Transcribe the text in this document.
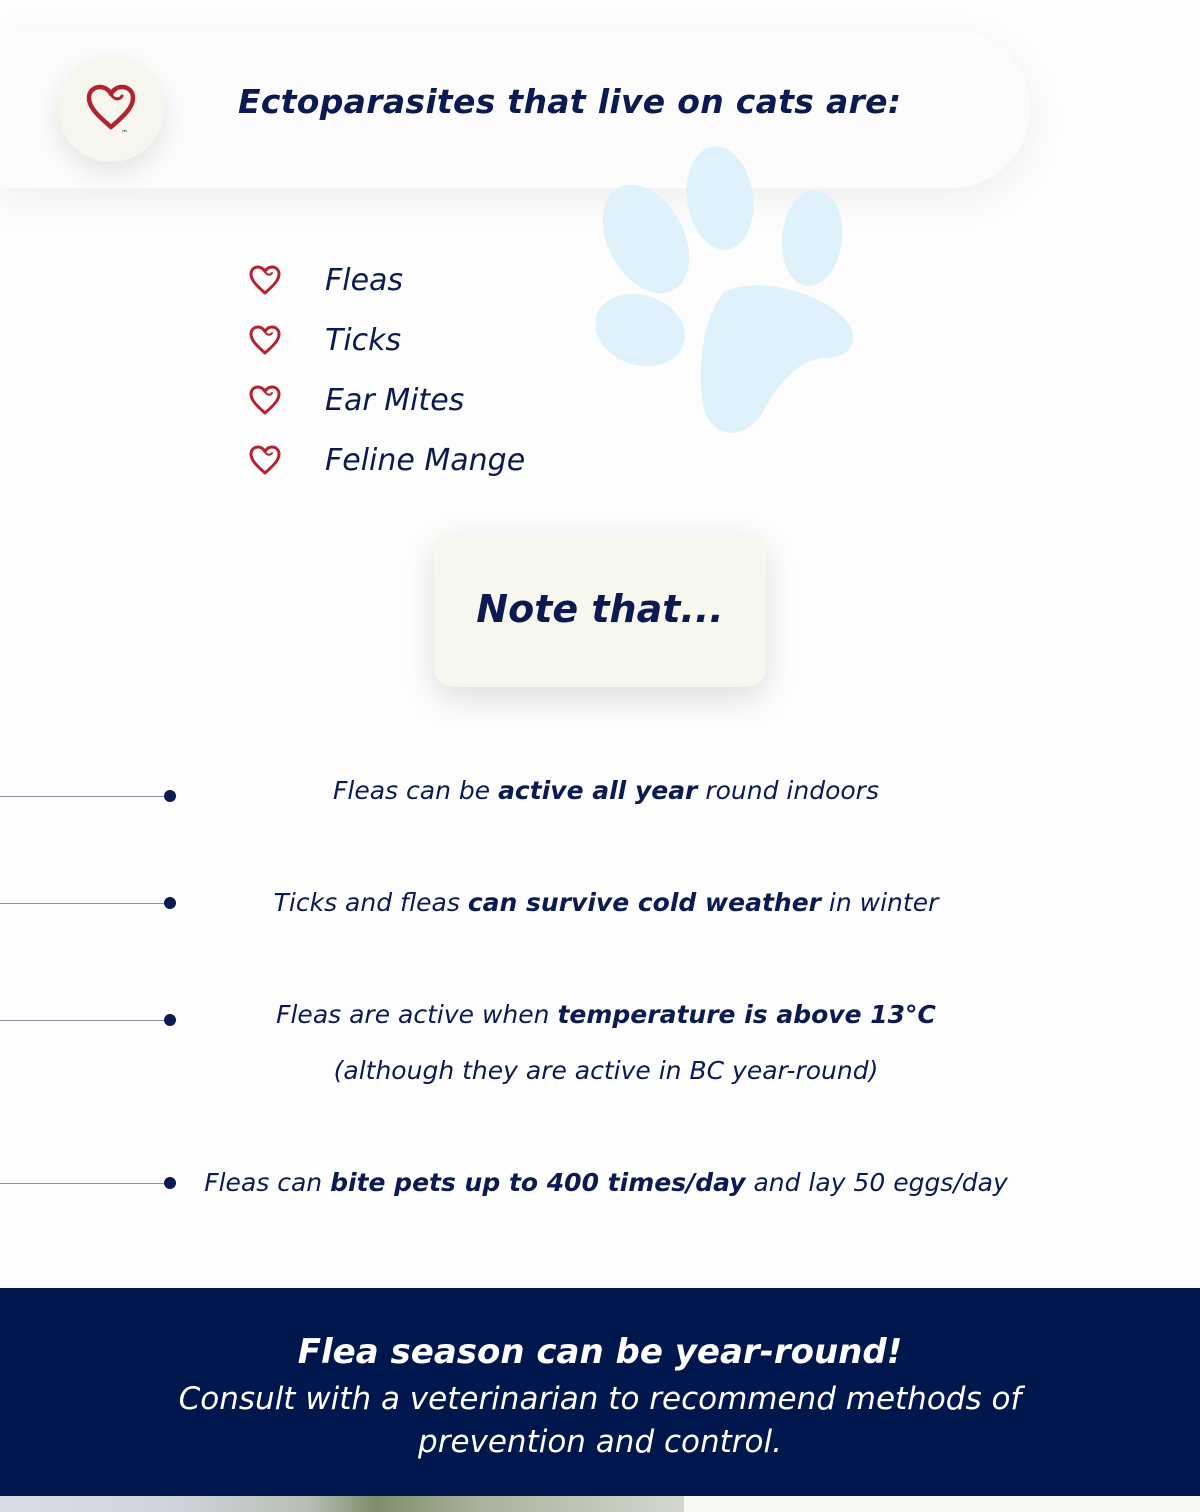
™
Ectoparasites that live on cats are:
Fleas
Ticks
Ear Mites
Feline Mange
Note that...
Fleas can be active all year round indoors
Ticks and fleas can survive cold weather in winter
Fleas are active when temperature is above 13°C
(although they are active in BC year-round)
Fleas can bite pets up to 400 times/day and lay 50 eggs/day
Flea season can be year-round!

Consult with a veterinarian to recommend methods of prevention and control.
